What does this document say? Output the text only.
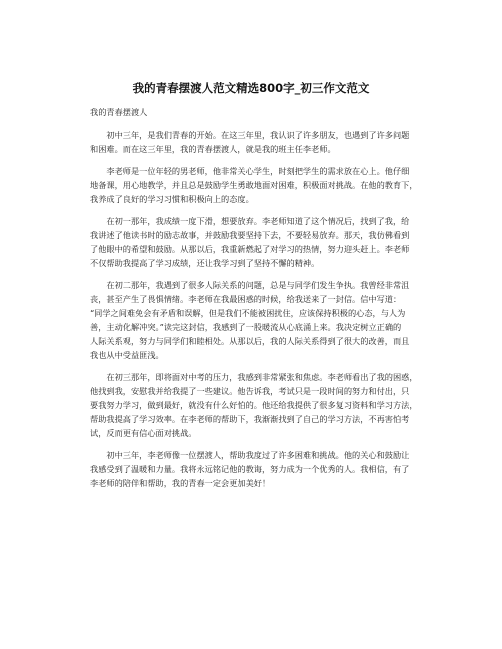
我的青春摆渡人范文精选800字_初三作文范文

我的青春摆渡人

　　初中三年，是我们青春的开始。在这三年里，我认识了许多朋友，也遇到了许多问题
和困难。而在这三年里，我的青春摆渡人，就是我的班主任李老师。

　　李老师是一位年轻的男老师，他非常关心学生，时刻把学生的需求放在心上。他仔细
地备课，用心地教学，并且总是鼓励学生勇敢地面对困难，积极面对挑战。在他的教育下，
我养成了良好的学习习惯和积极向上的态度。

　　在初一那年，我成绩一度下滑，想要放弃。李老师知道了这个情况后，找到了我，给
我讲述了他读书时的励志故事，并鼓励我要坚持下去，不要轻易放弃。那天，我仿佛看到
了他眼中的希望和鼓励。从那以后，我重新燃起了对学习的热情，努力迎头赶上。李老师
不仅帮助我提高了学习成绩，还让我学习到了坚持不懈的精神。

　　在初二那年，我遇到了很多人际关系的问题，总是与同学们发生争执。我曾经非常沮
丧，甚至产生了畏惧情绪。李老师在我最困惑的时候，给我送来了一封信。信中写道：
“同学之间难免会有矛盾和误解，但是我们不能被困扰住，应该保持积极的心态，与人为
善，主动化解冲突。”读完这封信，我感到了一股暖流从心底涌上来。我决定树立正确的
人际关系观，努力与同学们和睦相处。从那以后，我的人际关系得到了很大的改善，而且
我也从中受益匪浅。

　　在初三那年，即将面对中考的压力，我感到非常紧张和焦虑。李老师看出了我的困惑，
他找到我，安慰我并给我提了一些建议。他告诉我，考试只是一段时间的努力和付出，只
要我努力学习，做到最好，就没有什么好怕的。他还给我提供了很多复习资料和学习方法，
帮助我提高了学习效率。在李老师的帮助下，我渐渐找到了自己的学习方法，不再害怕考
试，反而更有信心面对挑战。

　　初中三年，李老师像一位摆渡人，帮助我度过了许多困难和挑战。他的关心和鼓励让
我感受到了温暖和力量。我将永远铭记他的教诲，努力成为一个优秀的人。我相信，有了
李老师的陪伴和帮助，我的青春一定会更加美好！
